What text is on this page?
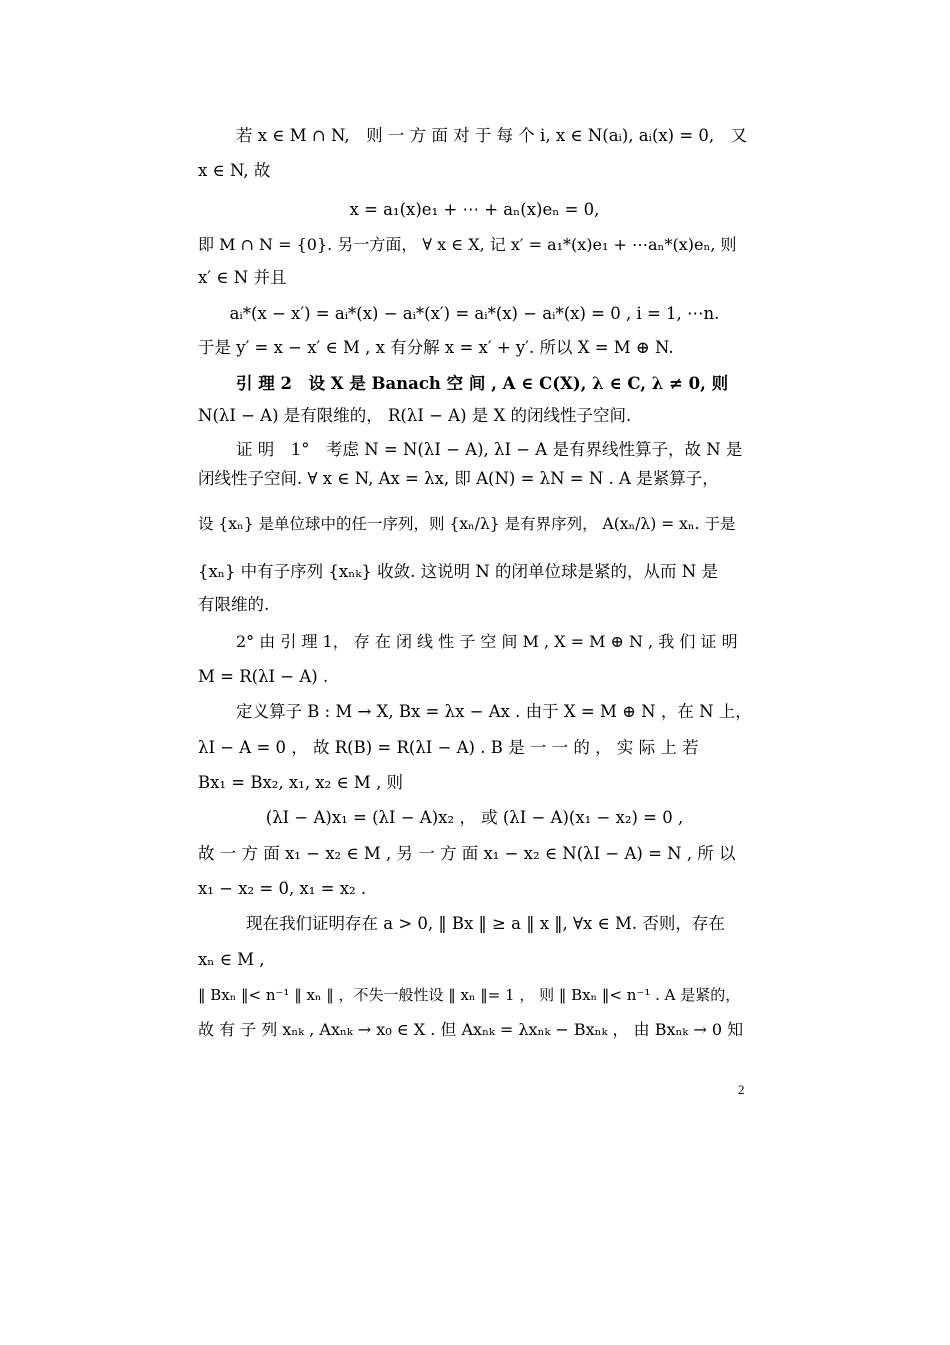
若 x ∈ M ∩ N,　则 一 方 面 对 于 每 个 i, x ∈ N(aᵢ), aᵢ(x) = 0,　又
x ∈ N, 故
x = a₁(x)e₁ + ⋯ + aₙ(x)eₙ = 0,
即 M ∩ N = {0}. 另一方面， ∀ x ∈ X, 记 x′ = a₁*(x)e₁ + ⋯aₙ*(x)eₙ, 则
x′ ∈ N 并且
aᵢ*(x − x′) = aᵢ*(x) − aᵢ*(x′) = aᵢ*(x) − aᵢ*(x) = 0 , i = 1, ⋯n.
于是 y′ = x − x′ ∈ M , x 有分解 x = x′ + y′. 所以 X = M ⊕ N.
引 理 2　设 X 是 Banach 空 间 , A ∈ C(X), λ ∈ C, λ ≠ 0, 则
N(λI − A) 是有限维的， R(λI − A) 是 X 的闭线性子空间.
证 明　1°　考虑 N = N(λI − A), λI − A 是有界线性算子，故 N 是
闭线性子空间. ∀ x ∈ N, Ax = λx, 即 A(N) = λN = N . A 是紧算子，
设 {xₙ} 是单位球中的任一序列，则 {xₙ/λ} 是有界序列， A(xₙ/λ) = xₙ. 于是
{xₙ} 中有子序列 {xₙₖ} 收敛. 这说明 N 的闭单位球是紧的，从而 N 是
有限维的.
2° 由 引 理 1， 存 在 闭 线 性 子 空 间 M , X = M ⊕ N , 我 们 证 明
M = R(λI − A) .
定义算子 B : M → X, Bx = λx − Ax . 由于 X = M ⊕ N ，在 N 上，
λI − A = 0 ， 故 R(B) = R(λI − A) . B 是 一 一 的 ， 实 际 上 若
Bx₁ = Bx₂, x₁, x₂ ∈ M , 则
(λI − A)x₁ = (λI − A)x₂ ， 或 (λI − A)(x₁ − x₂) = 0 ,
故 一 方 面 x₁ − x₂ ∈ M , 另 一 方 面 x₁ − x₂ ∈ N(λI − A) = N , 所 以
x₁ − x₂ = 0, x₁ = x₂ .
现在我们证明存在 a > 0, ‖ Bx ‖ ≥ a ‖ x ‖, ∀x ∈ M. 否则，存在
xₙ ∈ M ,
‖ Bxₙ ‖< n⁻¹ ‖ xₙ ‖ ，不失一般性设 ‖ xₙ ‖= 1 ， 则 ‖ Bxₙ ‖< n⁻¹ . A 是紧的，
故 有 子 列 xₙₖ , Axₙₖ → x₀ ∈ X . 但 Axₙₖ = λxₙₖ − Bxₙₖ ， 由 Bxₙₖ → 0 知
2
